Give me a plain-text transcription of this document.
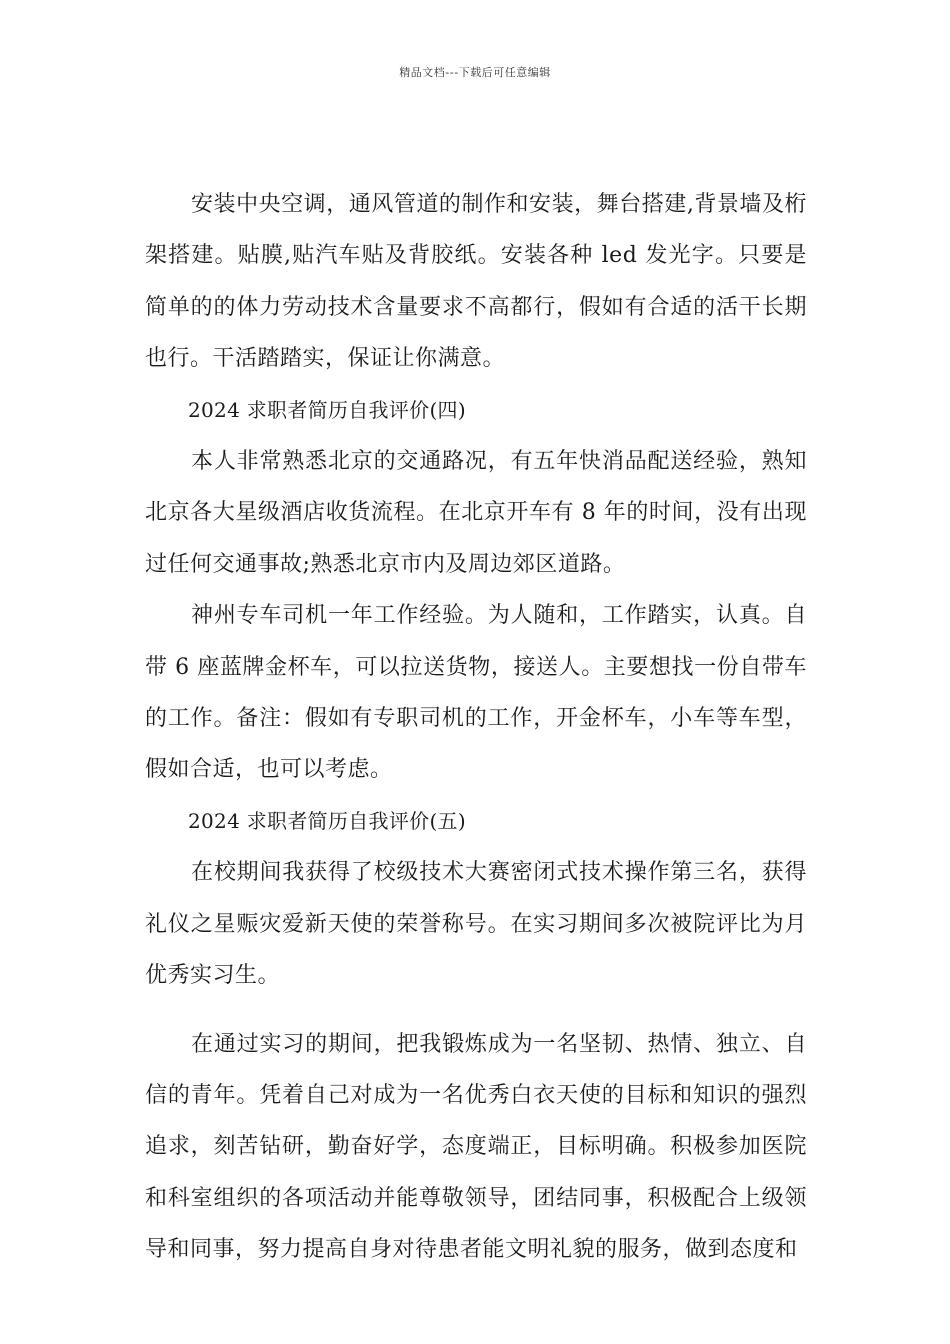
精品文档---下载后可任意编辑

安装中央空调，通风管道的制作和安装，舞台搭建,背景墙及桁架搭建。贴膜,贴汽车贴及背胶纸。安装各种 led 发光字。只要是简单的的体力劳动技术含量要求不高都行，假如有合适的活干长期也行。干活踏踏实，保证让你满意。

2024 求职者简历自我评价(四)

本人非常熟悉北京的交通路况，有五年快消品配送经验，熟知北京各大星级酒店收货流程。在北京开车有 8 年的时间，没有出现过任何交通事故;熟悉北京市内及周边郊区道路。

神州专车司机一年工作经验。为人随和，工作踏实，认真。自带 6 座蓝牌金杯车，可以拉送货物，接送人。主要想找一份自带车的工作。备注：假如有专职司机的工作，开金杯车，小车等车型，假如合适，也可以考虑。

2024 求职者简历自我评价(五)

在校期间我获得了校级技术大赛密闭式技术操作第三名，获得礼仪之星赈灾爱新天使的荣誉称号。在实习期间多次被院评比为月优秀实习生。

在通过实习的期间，把我锻炼成为一名坚韧、热情、独立、自信的青年。凭着自己对成为一名优秀白衣天使的目标和知识的强烈追求，刻苦钻研，勤奋好学，态度端正，目标明确。积极参加医院和科室组织的各项活动并能尊敬领导，团结同事，积极配合上级领导和同事，努力提高自身对待患者能文明礼貌的服务，做到态度和
